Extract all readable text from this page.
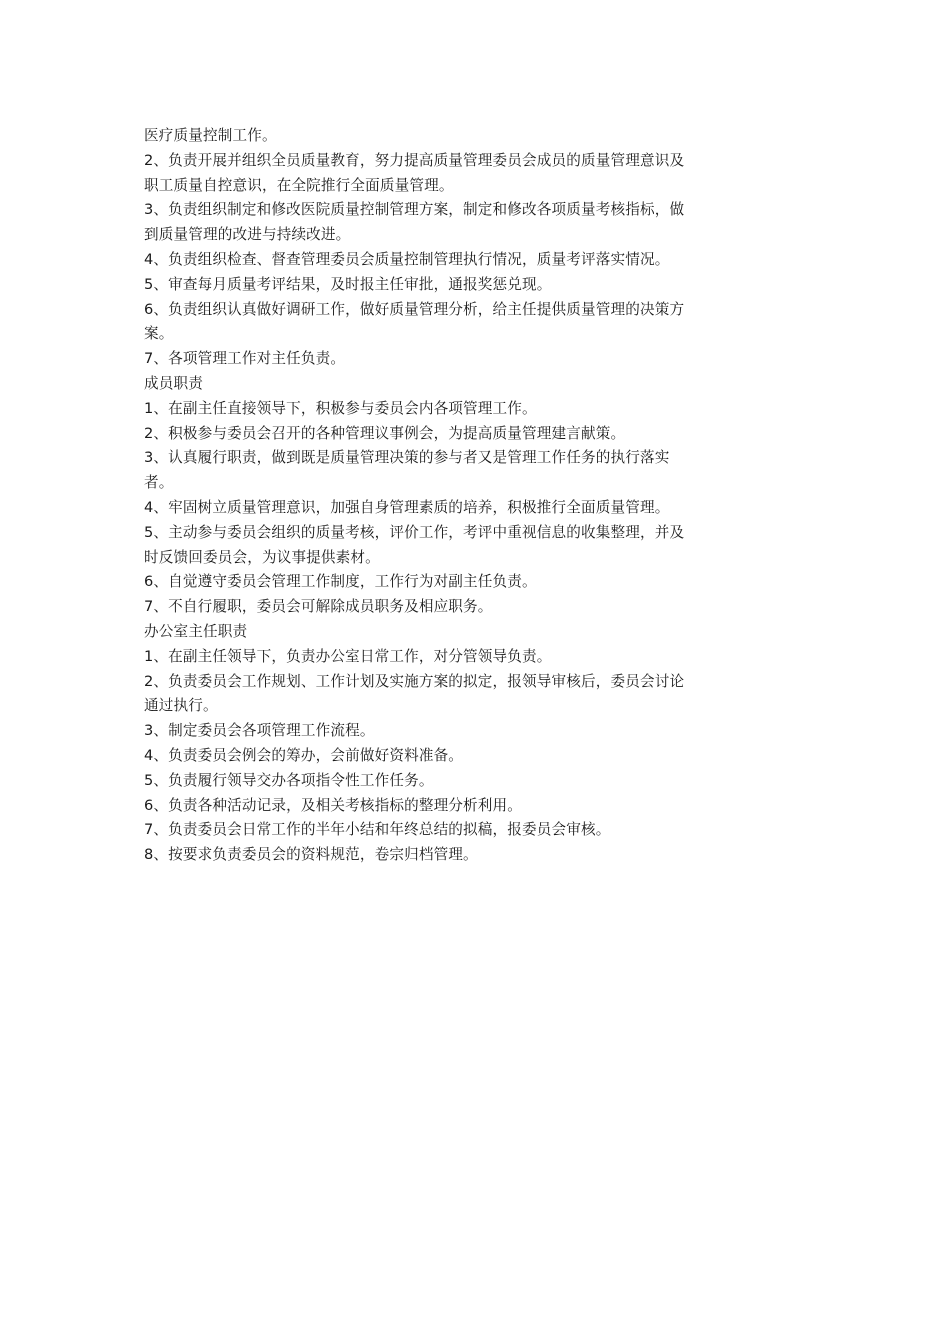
医疗质量控制工作。

2、负责开展并组织全员质量教育，努力提高质量管理委员会成员的质量管理意识及职工质量自控意识，在全院推行全面质量管理。

3、负责组织制定和修改医院质量控制管理方案，制定和修改各项质量考核指标，做到质量管理的改进与持续改进。

4、负责组织检查、督查管理委员会质量控制管理执行情况，质量考评落实情况。

5、审查每月质量考评结果，及时报主任审批，通报奖惩兑现。

6、负责组织认真做好调研工作，做好质量管理分析，给主任提供质量管理的决策方案。

7、各项管理工作对主任负责。

成员职责

1、在副主任直接领导下，积极参与委员会内各项管理工作。

2、积极参与委员会召开的各种管理议事例会，为提高质量管理建言献策。

3、认真履行职责，做到既是质量管理决策的参与者又是管理工作任务的执行落实者。

4、牢固树立质量管理意识，加强自身管理素质的培养，积极推行全面质量管理。

5、主动参与委员会组织的质量考核，评价工作，考评中重视信息的收集整理，并及时反馈回委员会，为议事提供素材。

6、自觉遵守委员会管理工作制度，工作行为对副主任负责。

7、不自行履职，委员会可解除成员职务及相应职务。

办公室主任职责

1、在副主任领导下，负责办公室日常工作，对分管领导负责。

2、负责委员会工作规划、工作计划及实施方案的拟定，报领导审核后，委员会讨论通过执行。

3、制定委员会各项管理工作流程。

4、负责委员会例会的筹办，会前做好资料准备。

5、负责履行领导交办各项指令性工作任务。

6、负责各种活动记录，及相关考核指标的整理分析利用。

7、负责委员会日常工作的半年小结和年终总结的拟稿，报委员会审核。

8、按要求负责委员会的资料规范，卷宗归档管理。
